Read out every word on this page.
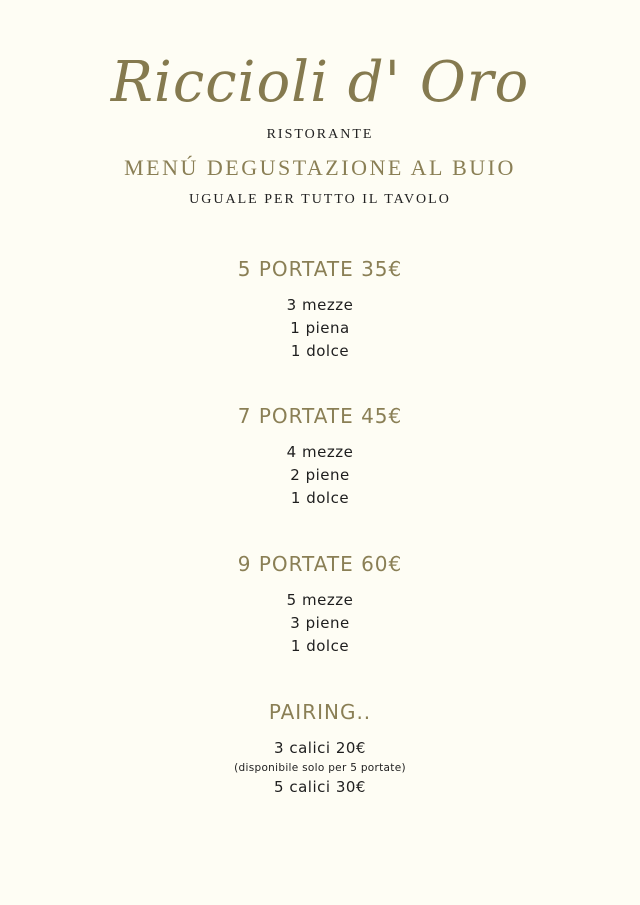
Riccioli d' Oro
RISTORANTE
MENÚ DEGUSTAZIONE AL BUIO
UGUALE PER TUTTO IL TAVOLO
5 PORTATE 35€
3 mezze
1 piena
1 dolce
7 PORTATE 45€
4 mezze
2 piene
1 dolce
9 PORTATE 60€
5 mezze
3 piene
1 dolce
PAIRING..
3 calici 20€
(disponibile solo per 5 portate)
5 calici 30€
